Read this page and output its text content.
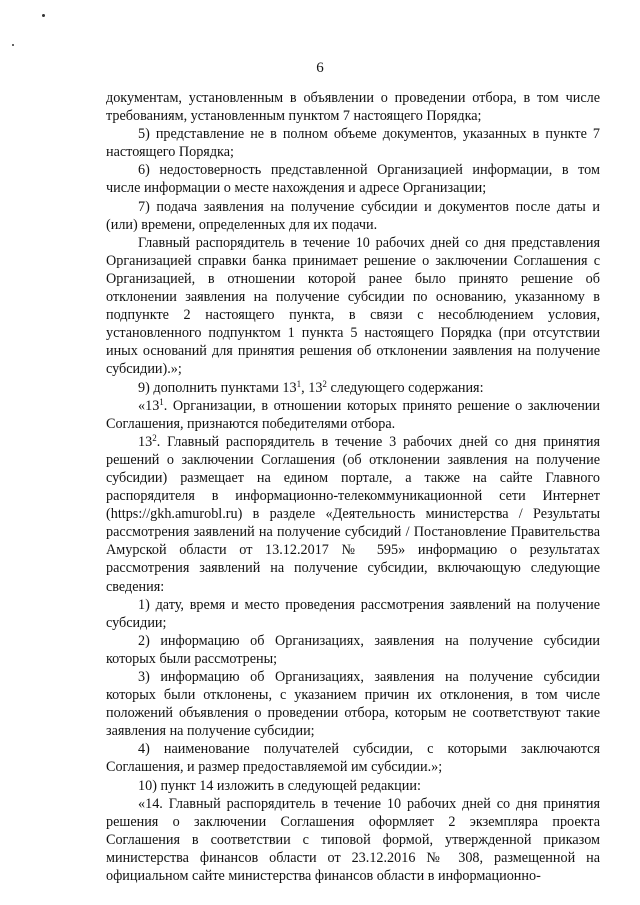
6

документам, установленным в объявлении о проведении отбора, в том числе требованиям, установленным пунктом 7 настоящего Порядка;

5) представление не в полном объеме документов, указанных в пункте 7 настоящего Порядка;

6) недостоверность представленной Организацией информации, в том числе информации о месте нахождения и адресе Организации;

7) подача заявления на получение субсидии и документов после даты и (или) времени, определенных для их подачи.

Главный распорядитель в течение 10 рабочих дней со дня представления Организацией справки банка принимает решение о заключении Соглашения с Организацией, в отношении которой ранее было принято решение об отклонении заявления на получение субсидии по основанию, указанному в подпункте 2 настоящего пункта, в связи с несоблюдением условия, установленного подпунктом 1 пункта 5 настоящего Порядка (при отсутствии иных оснований для принятия решения об отклонении заявления на получение субсидии).»;

9) дополнить пунктами $13^1$, $13^2$ следующего содержания:

«$13^1$. Организации, в отношении которых принято решение о заключении Соглашения, признаются победителями отбора.

$13^2$. Главный распорядитель в течение 3 рабочих дней со дня принятия решений о заключении Соглашения (об отклонении заявления на получение субсидии) размещает на едином портале, а также на сайте Главного распорядителя в информационно-телекоммуникационной сети Интернет (https://gkh.amurobl.ru) в разделе «Деятельность министерства / Результаты рассмотрения заявлений на получение субсидий / Постановление Правительства Амурской области от 13.12.2017 № 595» информацию о результатах рассмотрения заявлений на получение субсидии, включающую следующие сведения:

1) дату, время и место проведения рассмотрения заявлений на получение субсидии;

2) информацию об Организациях, заявления на получение субсидии которых были рассмотрены;

3) информацию об Организациях, заявления на получение субсидии которых были отклонены, с указанием причин их отклонения, в том числе положений объявления о проведении отбора, которым не соответствуют такие заявления на получение субсидии;

4) наименование получателей субсидии, с которыми заключаются Соглашения, и размер предоставляемой им субсидии.»;

10) пункт 14 изложить в следующей редакции:

«14. Главный распорядитель в течение 10 рабочих дней со дня принятия решения о заключении Соглашения оформляет 2 экземпляра проекта Соглашения в соответствии с типовой формой, утвержденной приказом министерства финансов области от 23.12.2016 № 308, размещенной на официальном сайте министерства финансов области в информационно-
